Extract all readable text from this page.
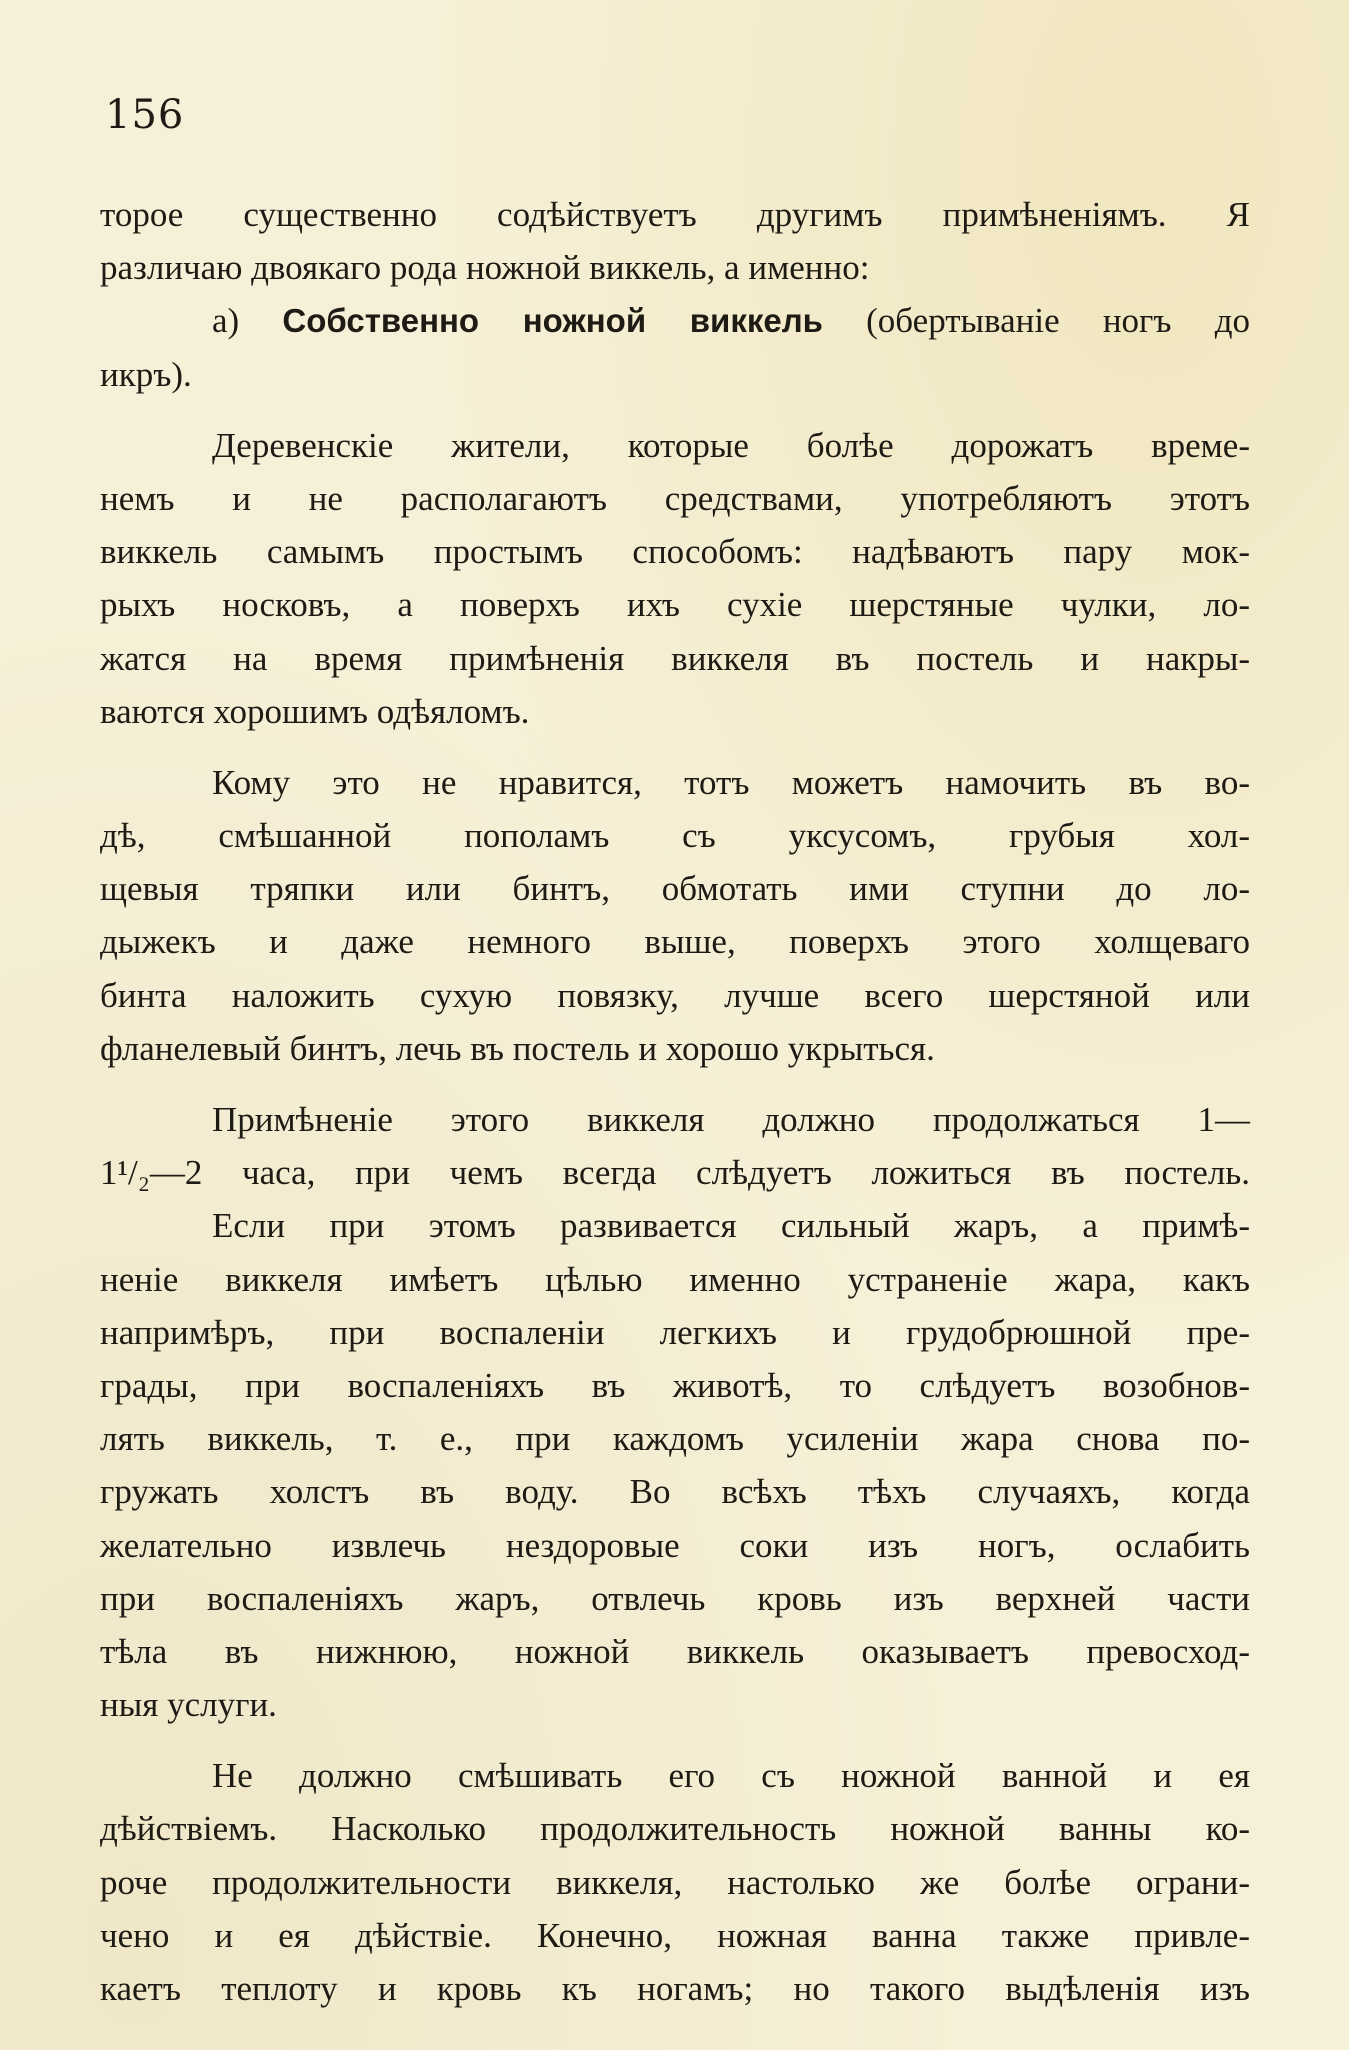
156
торое существенно содѣйствуетъ другимъ примѣненіямъ. Я
различаю двоякаго рода ножной виккель, а именно:
а) Собственно ножной виккель (обертываніе ногъ до
икръ).
Деревенскіе жители, которые болѣе дорожатъ време-
немъ и не располагаютъ средствами, употребляютъ этотъ
виккель самымъ простымъ способомъ: надѣваютъ пару мок-
рыхъ носковъ, а поверхъ ихъ сухіе шерстяные чулки, ло-
жатся на время примѣненія виккеля въ постель и накры-
ваются хорошимъ одѣяломъ.
Кому это не нравится, тотъ можетъ намочить въ во-
дѣ, смѣшанной пополамъ съ уксусомъ, грубыя хол-
щевыя тряпки или бинтъ, обмотать ими ступни до ло-
дыжекъ и даже немного выше, поверхъ этого холщеваго
бинта наложить сухую повязку, лучше всего шерстяной или
фланелевый бинтъ, лечь въ постель и хорошо укрыться.
Примѣненіе этого виккеля должно продолжаться 1—
1¹/₂—2 часа, при чемъ всегда слѣдуетъ ложиться въ постель.
Если при этомъ развивается сильный жаръ, а примѣ-
неніе виккеля имѣетъ цѣлью именно устраненіе жара, какъ
напримѣръ, при воспаленіи легкихъ и грудобрюшной пре-
грады, при воспаленіяхъ въ животѣ, то слѣдуетъ возобнов-
лять виккель, т. е., при каждомъ усиленіи жара снова по-
гружать холстъ въ воду. Во всѣхъ тѣхъ случаяхъ, когда
желательно извлечь нездоровые соки изъ ногъ, ослабить
при воспаленіяхъ жаръ, отвлечь кровь изъ верхней части
тѣла въ нижнюю, ножной виккель оказываетъ превосход-
ныя услуги.
Не должно смѣшивать его съ ножной ванной и ея
дѣйствіемъ. Насколько продолжительность ножной ванны ко-
роче продолжительности виккеля, настолько же болѣе ограни-
чено и ея дѣйствіе. Конечно, ножная ванна также привле-
каетъ теплоту и кровь къ ногамъ; но такого выдѣленія изъ
